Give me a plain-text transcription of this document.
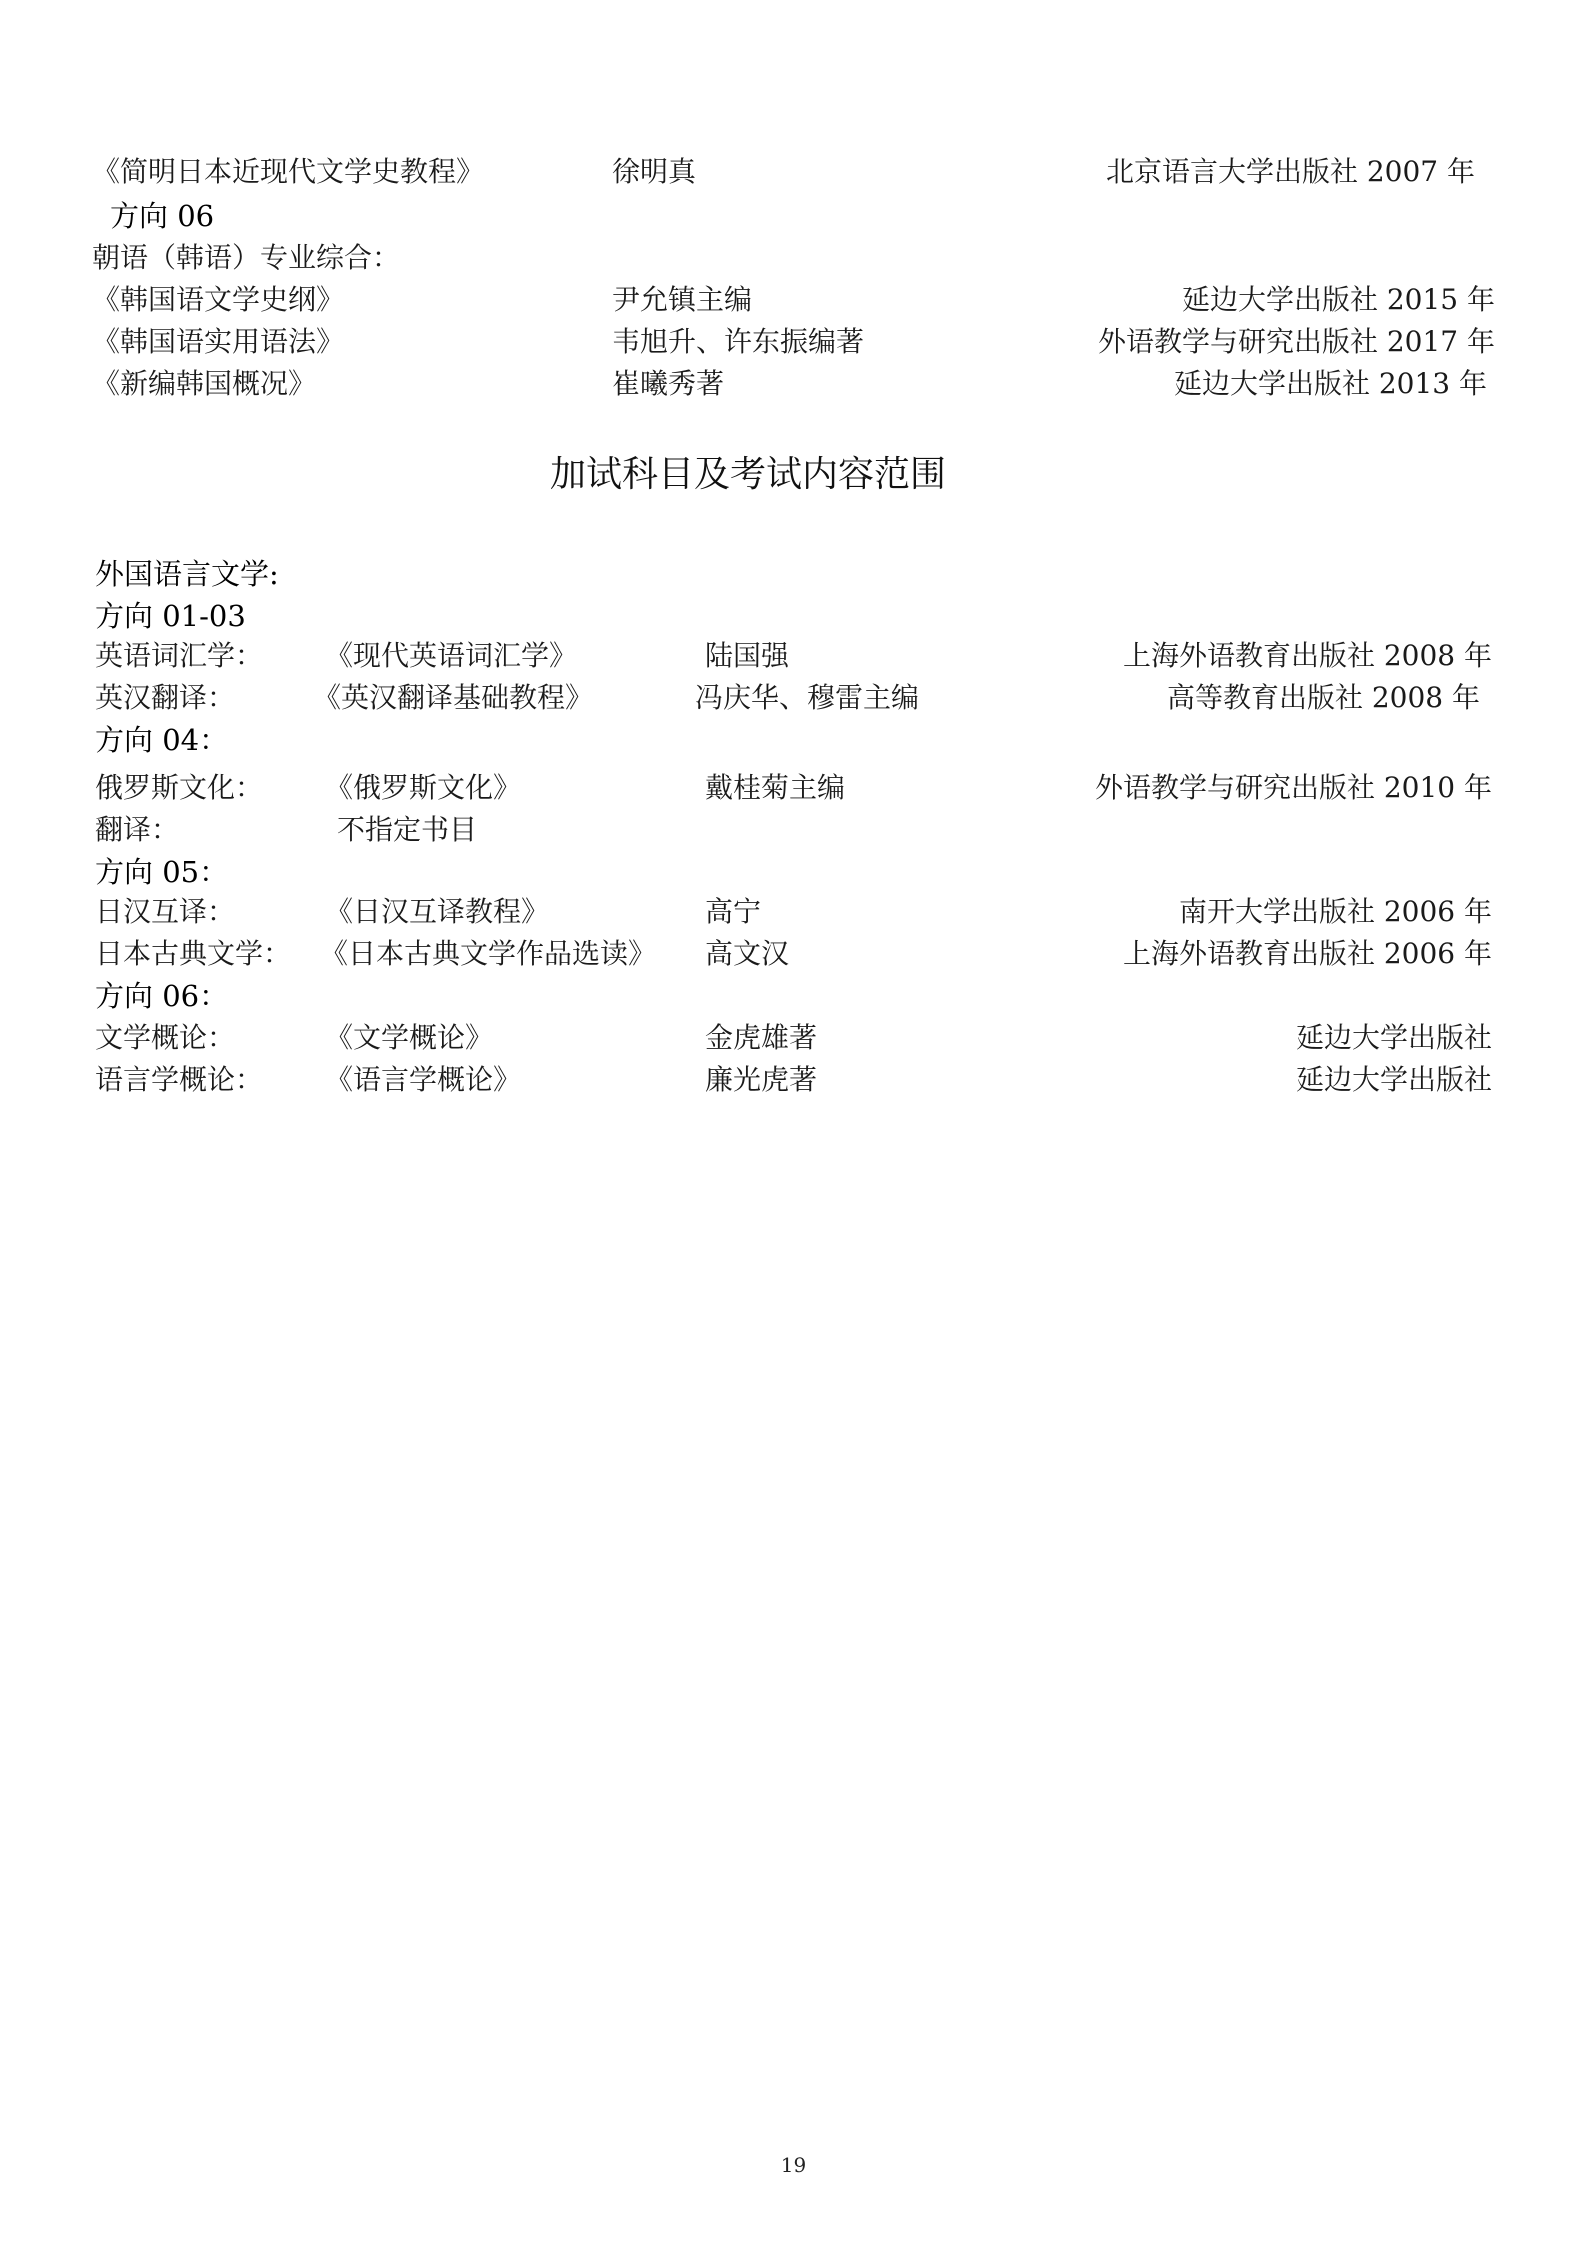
《简明日本近现代文学史教程》	徐明真	北京语言大学出版社 2007 年
方向 06
朝语（韩语）专业综合：
《韩国语文学史纲》	尹允镇主编	延边大学出版社 2015 年
《韩国语实用语法》	韦旭升、许东振编著	外语教学与研究出版社 2017 年
《新编韩国概况》	崔曦秀著	延边大学出版社 2013 年
加试科目及考试内容范围
外国语言文学:
方向 01-03
英语词汇学： 《现代英语词汇学》	陆国强	上海外语教育出版社 2008 年
英汉翻译：	《英汉翻译基础教程》	冯庆华、穆雷主编	高等教育出版社 2008 年
方向 04：
俄罗斯文化： 《俄罗斯文化》	戴桂菊主编	外语教学与研究出版社 2010 年
翻译：	不指定书目
方向 05：
日汉互译：	《日汉互译教程》	高宁	南开大学出版社 2006 年
日本古典文学： 《日本古典文学作品选读》 高文汉	上海外语教育出版社 2006 年
方向 06：
文学概论：	《文学概论》	金虎雄著	延边大学出版社
语言学概论： 《语言学概论》	廉光虎著	延边大学出版社
19
